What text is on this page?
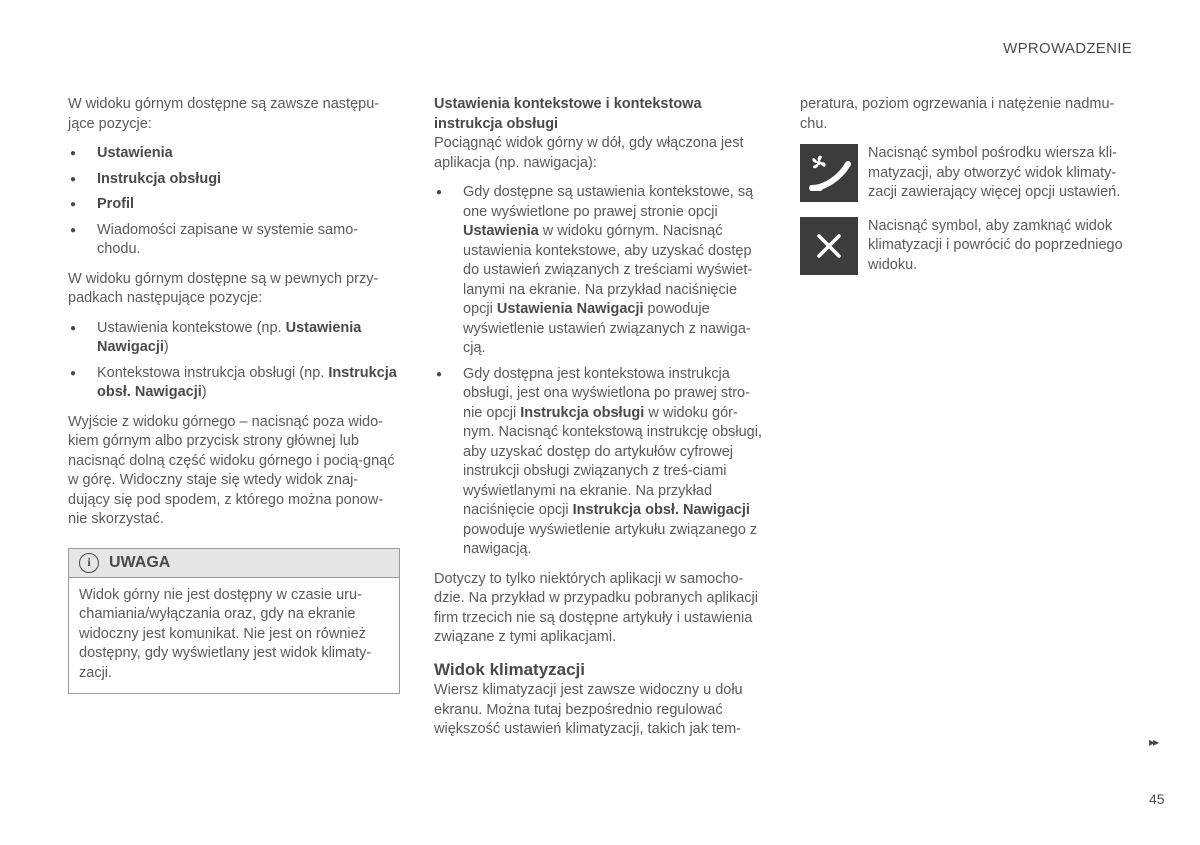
WPROWADZENIE

W widoku górnym dostępne są zawsze następu-jące pozycje:

● Ustawienia
● Instrukcja obsługi
● Profil
● Wiadomości zapisane w systemie samo-chodu.

W widoku górnym dostępne są w pewnych przy-padkach następujące pozycje:

● Ustawienia kontekstowe (np. Ustawienia Nawigacji)
● Kontekstowa instrukcja obsługi (np. Instrukcja obsł. Nawigacji)

Wyjście z widoku górnego – nacisnąć poza wido-kiem górnym albo przycisk strony głównej lub nacisnąć dolną część widoku górnego i pocią-gnąć w górę. Widoczny staje się wtedy widok znaj-dujący się pod spodem, z którego można ponow-nie skorzystać.

i	UWAGA
Widok górny nie jest dostępny w czasie uru-chamiania/wyłączania oraz, gdy na ekranie widoczny jest komunikat. Nie jest on również dostępny, gdy wyświetlany jest widok klimaty-zacji.

Ustawienia kontekstowe i kontekstowa instrukcja obsługi

Pociągnąć widok górny w dół, gdy włączona jest aplikacja (np. nawigacja):

● Gdy dostępne są ustawienia kontekstowe, są one wyświetlone po prawej stronie opcji Ustawienia w widoku górnym. Nacisnąć ustawienia kontekstowe, aby uzyskać dostęp do ustawień związanych z treściami wyświet-lanymi na ekranie. Na przykład naciśnięcie opcji Ustawienia Nawigacji powoduje wyświetlenie ustawień związanych z nawiga-cją.
● Gdy dostępna jest kontekstowa instrukcja obsługi, jest ona wyświetlona po prawej stro-nie opcji Instrukcja obsługi w widoku gór-nym. Nacisnąć kontekstową instrukcję obsługi, aby uzyskać dostęp do artykułów cyfrowej instrukcji obsługi związanych z treś-ciami wyświetlanymi na ekranie. Na przykład naciśnięcie opcji Instrukcja obsł. Nawigacji powoduje wyświetlenie artykułu związanego z nawigacją.

Dotyczy to tylko niektórych aplikacji w samocho-dzie. Na przykład w przypadku pobranych aplikacji firm trzecich nie są dostępne artykuły i ustawienia związane z tymi aplikacjami.

Widok klimatyzacji

Wiersz klimatyzacji jest zawsze widoczny u dołu ekranu. Można tutaj bezpośrednio regulować większość ustawień klimatyzacji, takich jak tem-

peratura, poziom ogrzewania i natężenie nadmu-chu.

Nacisnąć symbol pośrodku wiersza kli-matyzacji, aby otworzyć widok klimaty-zacji zawierający więcej opcji ustawień.
Nacisnąć symbol, aby zamknąć widok klimatyzacji i powrócić do poprzedniego widoku.
▸▸
45
